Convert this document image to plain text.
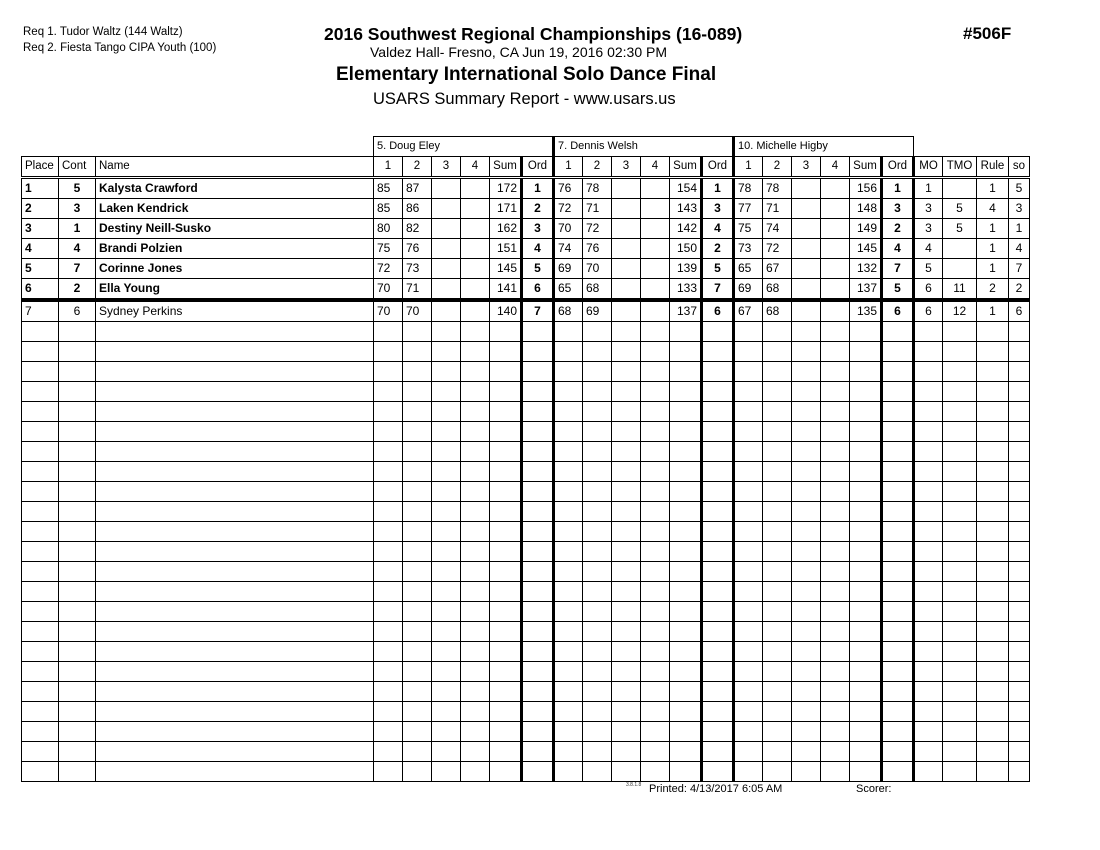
Req 1. Tudor Waltz (144 Waltz)
Req 2. Fiesta Tango CIPA Youth (100)
2016 Southwest Regional Championships (16-089)
Valdez Hall- Fresno, CA Jun 19, 2016 02:30 PM
Elementary International Solo Dance Final
USARS Summary Report - www.usars.us
#506F
			5. Doug Eley						7. Dennis Welsh						10. Michelle Higby									
Place	Cont	Name	1	2	3	4	Sum	Ord	1	2	3	4	Sum	Ord	1	2	3	4	Sum	Ord	MO	TMO	Rule	so
1	5	Kalysta Crawford	85	87			172	1	76	78			154	1	78	78			156	1	1		1	5
2	3	Laken Kendrick	85	86			171	2	72	71			143	3	77	71			148	3	3	5	4	3
3	1	Destiny Neill-Susko	80	82			162	3	70	72			142	4	75	74			149	2	3	5	1	1
4	4	Brandi Polzien	75	76			151	4	74	76			150	2	73	72			145	4	4		1	4
5	7	Corinne Jones	72	73			145	5	69	70			139	5	65	67			132	7	5		1	7
6	2	Ella Young	70	71			141	6	65	68			133	7	69	68			137	5	6	11	2	2
7	6	Sydney Perkins	70	70			140	7	68	69			137	6	67	68			135	6	6	12	1	6

3.8.1.8 Printed: 4/13/2017 6:05 AM	Scorer:
